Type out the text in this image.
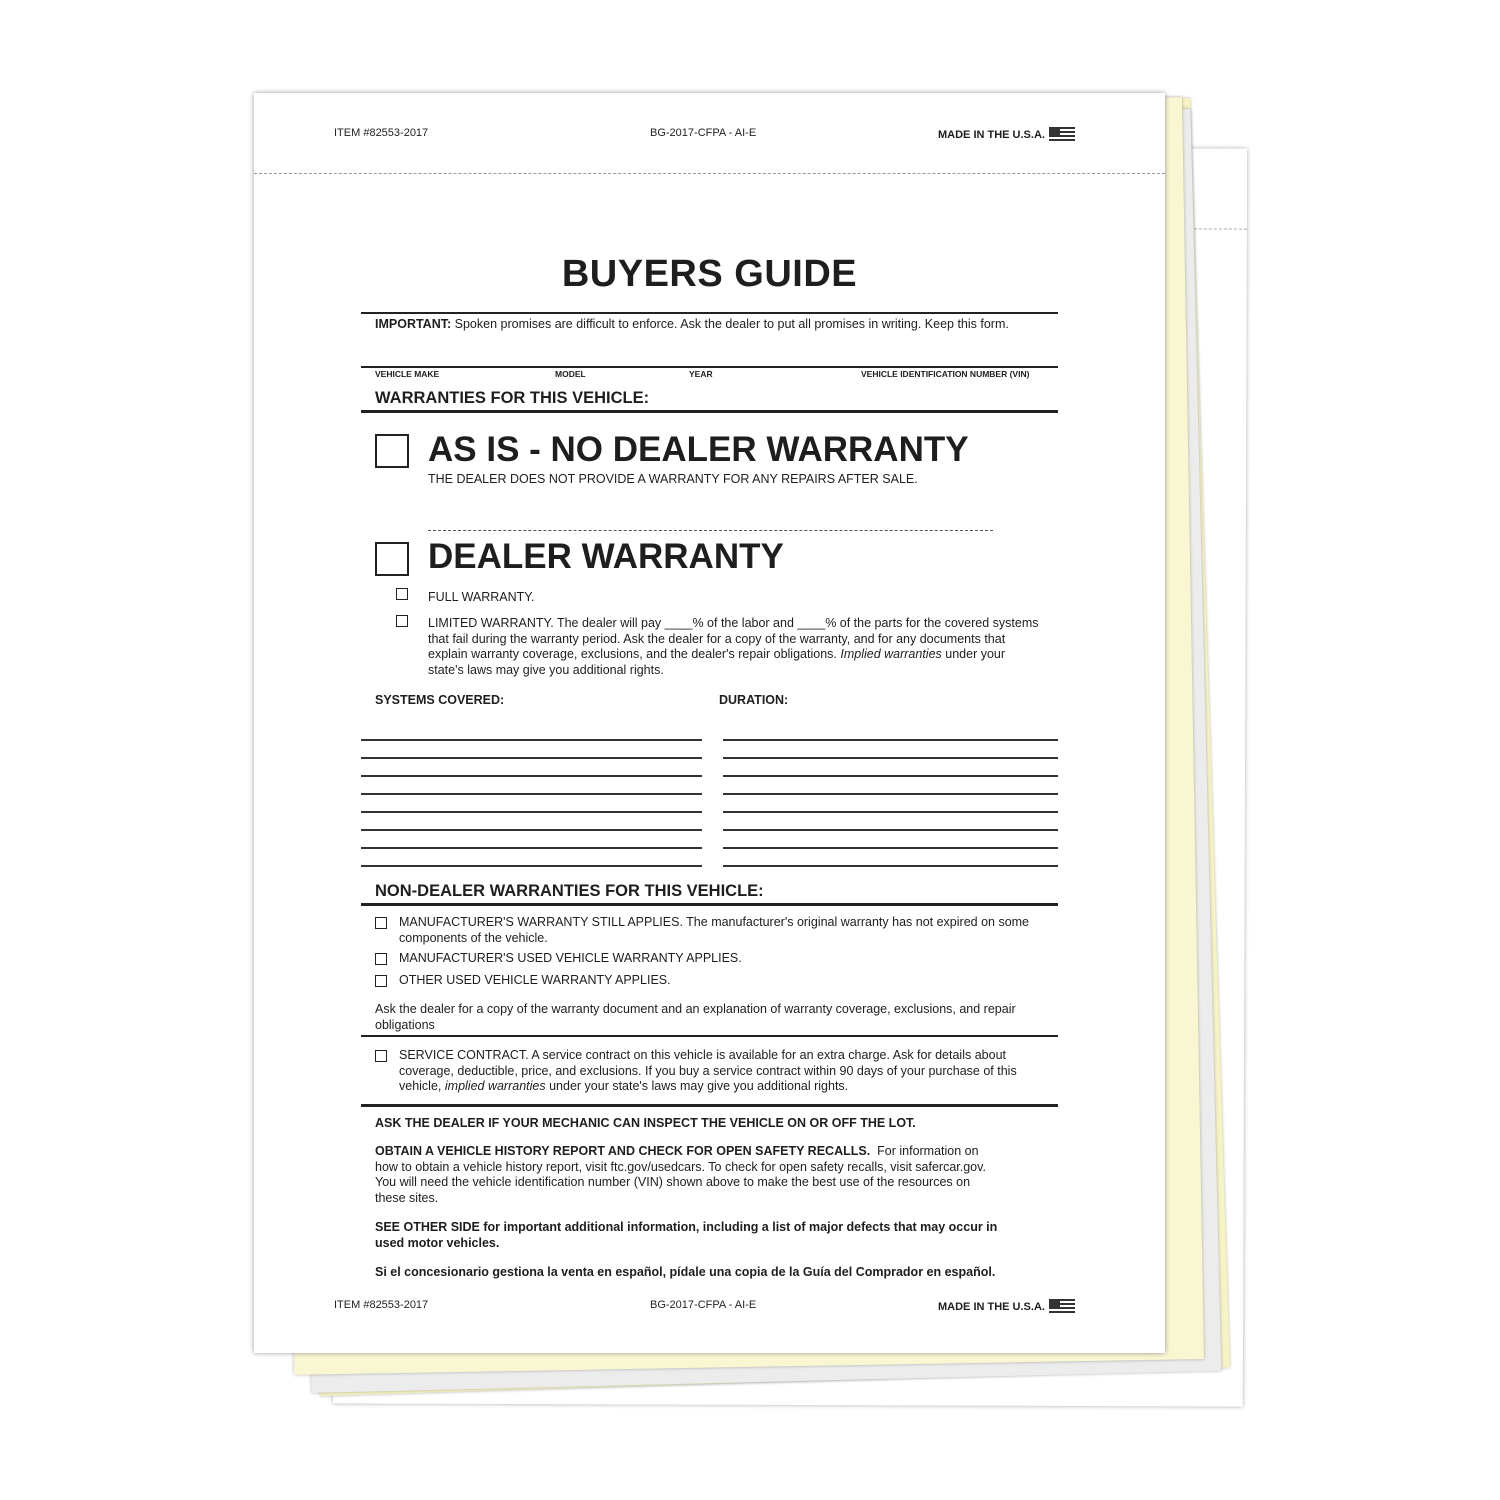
ITEM #82553-2017	BG-2017-CFPA - AI-E	MADE IN THE U.S.A.
BUYERS GUIDE
IMPORTANT: Spoken promises are difficult to enforce. Ask the dealer to put all promises in writing. Keep this form.
VEHICLE MAKE	MODEL	YEAR	VEHICLE IDENTIFICATION NUMBER (VIN)
WARRANTIES FOR THIS VEHICLE:
AS IS - NO DEALER WARRANTY
THE DEALER DOES NOT PROVIDE A WARRANTY FOR ANY REPAIRS AFTER SALE.
DEALER WARRANTY
FULL WARRANTY.
LIMITED WARRANTY. The dealer will pay ____% of the labor and ____% of the parts for the covered systems
that fail during the warranty period. Ask the dealer for a copy of the warranty, and for any documents that
explain warranty coverage, exclusions, and the dealer's repair obligations. Implied warranties under your
state's laws may give you additional rights.
SYSTEMS COVERED:	DURATION:
NON-DEALER WARRANTIES FOR THIS VEHICLE:
MANUFACTURER'S WARRANTY STILL APPLIES. The manufacturer's original warranty has not expired on some
components of the vehicle.
MANUFACTURER'S USED VEHICLE WARRANTY APPLIES.
OTHER USED VEHICLE WARRANTY APPLIES.
Ask the dealer for a copy of the warranty document and an explanation of warranty coverage, exclusions, and repair
obligations
SERVICE CONTRACT. A service contract on this vehicle is available for an extra charge. Ask for details about
coverage, deductible, price, and exclusions. If you buy a service contract within 90 days of your purchase of this
vehicle, implied warranties under your state's laws may give you additional rights.
ASK THE DEALER IF YOUR MECHANIC CAN INSPECT THE VEHICLE ON OR OFF THE LOT.
OBTAIN A VEHICLE HISTORY REPORT AND CHECK FOR OPEN SAFETY RECALLS. For information on
how to obtain a vehicle history report, visit ftc.gov/usedcars. To check for open safety recalls, visit safercar.gov.
You will need the vehicle identification number (VIN) shown above to make the best use of the resources on
these sites.
SEE OTHER SIDE for important additional information, including a list of major defects that may occur in
used motor vehicles.
Si el concesionario gestiona la venta en español, pídale una copia de la Guía del Comprador en español.
ITEM #82553-2017	BG-2017-CFPA - AI-E	MADE IN THE U.S.A.
